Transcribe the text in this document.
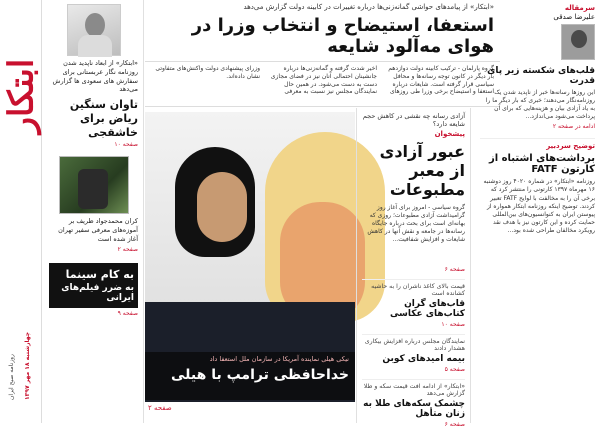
ابتکار
روزنامه صبح ایران چهارشنبه ۱۸ مهر ۱۳۹۷
«ابتکار» از ابعاد ناپدید شدن روزنامه نگار عربستانی برای سفارش های سعودی ها گزارش می‌دهد
تاوان سنگین ریاض برای خاشقجی
صفحه ۱۰
کران محمدجواد ظریف بر آموزه‌های معرفی سفیر تهران آغاز شده است
صفحه ۲
به کام سینما
به ضرر فیلم‌های ایرانی
صفحه ۹
«ابتکار» از پیامدهای حواشی گمانه‌زنی‌ها درباره تغییرات در کابینه دولت گزارش می‌دهد
استعفا، استیضاح و انتخاب وزرا در هوای مه‌آلود شایعه
گروه پارلمان - ترکیب کابینه دولت دوازدهم بار دیگر در کانون توجه رسانه‌ها و محافل سیاسی قرار گرفته است. شایعات درباره استعفا و استیضاح برخی وزرا طی روزهای اخیر شدت گرفته و گمانه‌زنی‌ها درباره جانشینان احتمالی آنان نیز در فضای مجازی دست به دست می‌شود. در همین حال نمایندگان مجلس نیز نسبت به معرفی وزرای پیشنهادی دولت واکنش‌های متفاوتی نشان داده‌اند.
نیکی هیلی نماینده آمریکا در سازمان ملل استعفا داد
خداحافظی ترامپ با هیلی
صفحه ۲
آزادی رسانه چه نقشی در کاهش حجم شایعه دارد؟
پیشخوان
عبور آزادی از معبر مطبوعات
گروه سیاسی - امروز برای آغاز روز گرامیداشت آزادی مطبوعات؛ روزی که بهانه‌ای است برای بحث درباره جایگاه رسانه‌ها در جامعه و نقش آنها در کاهش شایعات و افزایش شفافیت...
صفحه ۶
قیمت بالای کاغذ ناشران را به حاشیه کشانده است
قاب‌های گران کتاب‌های عکاسی
صفحه ۱۰
نمایندگان مجلس درباره افزایش بیکاری هشدار دادند
بیمه امیدهای کوبن
صفحه ۵
«ابتکار» از ادامه افت قیمت سکه و طلا گزارش می‌دهد
چشمک سکه‌های طلا به زنان متأهل
صفحه ۶
سرمقاله
علیرضا صدقی
قلب‌های شکسته زیر پای قدرت
این روزها رسانه‌ها خبر از ناپدید شدن یک روزنامه‌نگار می‌دهند؛ خبری که بار دیگر ما را به یاد آزادی بیان و هزینه‌هایی که برای آن پرداخت می‌شود می‌اندازد...
ادامه در صفحه ۲
توضیح سردبیر
برداشت‌های اشتباه از کارتون FATF
روزنامه «ابتکار» در شماره ۴۰۲۰ روز دوشنبه ۱۶ مهرماه ۱۳۹۷ کارتونی را منتشر کرد که برخی آن را به مخالفت با لوایح FATF تعبیر کردند. توضیح اینکه روزنامه ابتکار همواره از پیوستن ایران به کنوانسیون‌های بین‌المللی حمایت کرده و این کارتون نیز با هدف نقد رویکرد مخالفان طراحی شده بود...
